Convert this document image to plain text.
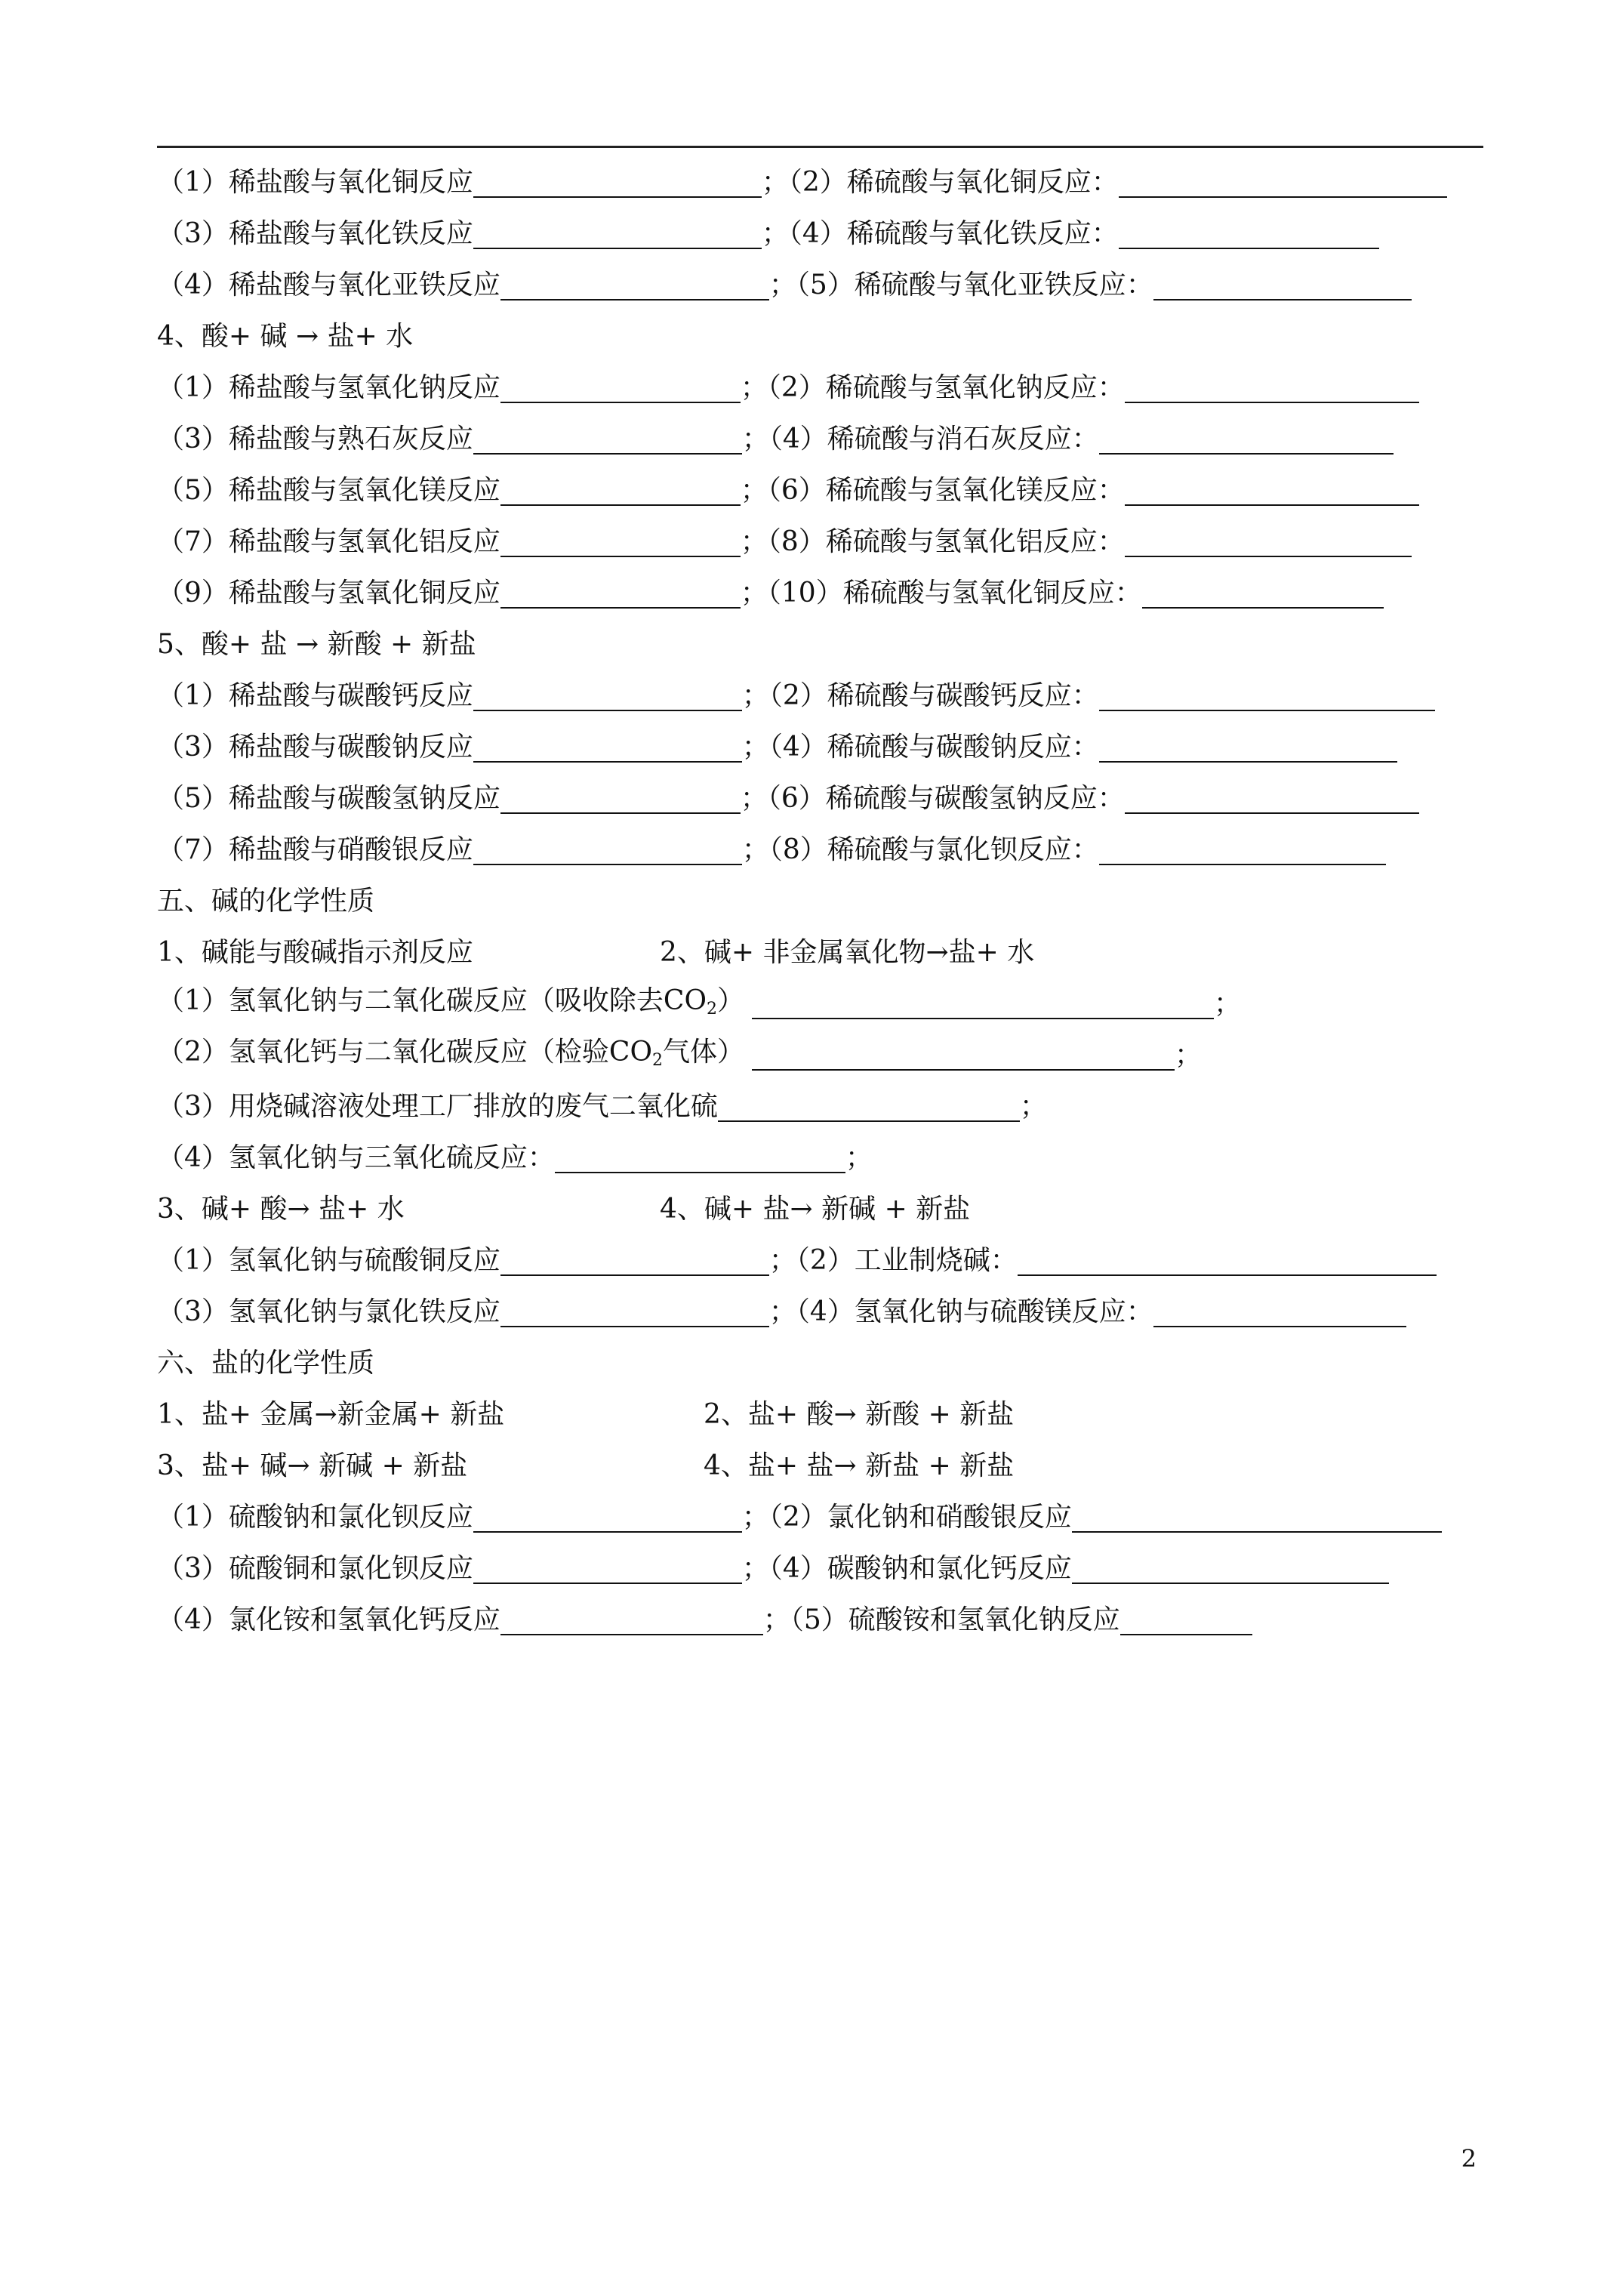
（1）稀盐酸与氧化铜反应	；（2）稀硫酸与氧化铜反应：
（3）稀盐酸与氧化铁反应	；（4）稀硫酸与氧化铁反应：
（4）稀盐酸与氧化亚铁反应	；（5）稀硫酸与氧化亚铁反应：
4、酸+ 碱 → 盐+ 水
（1）稀盐酸与氢氧化钠反应	；（2）稀硫酸与氢氧化钠反应：
（3）稀盐酸与熟石灰反应	；（4）稀硫酸与消石灰反应：
（5）稀盐酸与氢氧化镁反应	；（6）稀硫酸与氢氧化镁反应：
（7）稀盐酸与氢氧化铝反应	；（8）稀硫酸与氢氧化铝反应：
（9）稀盐酸与氢氧化铜反应	；（10）稀硫酸与氢氧化铜反应：
5、酸+ 盐 → 新酸 + 新盐
（1）稀盐酸与碳酸钙反应	；（2）稀硫酸与碳酸钙反应：
（3）稀盐酸与碳酸钠反应	；（4）稀硫酸与碳酸钠反应：
（5）稀盐酸与碳酸氢钠反应	；（6）稀硫酸与碳酸氢钠反应：
（7）稀盐酸与硝酸银反应	；（8）稀硫酸与氯化钡反应：
五、碱的化学性质
1、碱能与酸碱指示剂反应	2、碱+ 非金属氧化物→盐+ 水
（1）氢氧化钠与二氧化碳反应（吸收除去$CO_2$）	；
（2）氢氧化钙与二氧化碳反应（检验$CO_2$气体）	；
（3）用烧碱溶液处理工厂排放的废气二氧化硫	；
（4）氢氧化钠与三氧化硫反应：	；
3、碱+ 酸→ 盐+ 水	4、碱+ 盐→ 新碱 + 新盐
（1）氢氧化钠与硫酸铜反应	；（2）工业制烧碱：
（3）氢氧化钠与氯化铁反应	；（4）氢氧化钠与硫酸镁反应：
六、盐的化学性质
1、盐+ 金属→新金属+ 新盐	2、盐+ 酸→ 新酸 + 新盐
3、盐+ 碱→ 新碱 + 新盐	4、盐+ 盐→ 新盐 + 新盐
（1）硫酸钠和氯化钡反应	；（2）氯化钠和硝酸银反应
（3）硫酸铜和氯化钡反应	；（4）碳酸钠和氯化钙反应
（4）氯化铵和氢氧化钙反应	；（5）硫酸铵和氢氧化钠反应
2
